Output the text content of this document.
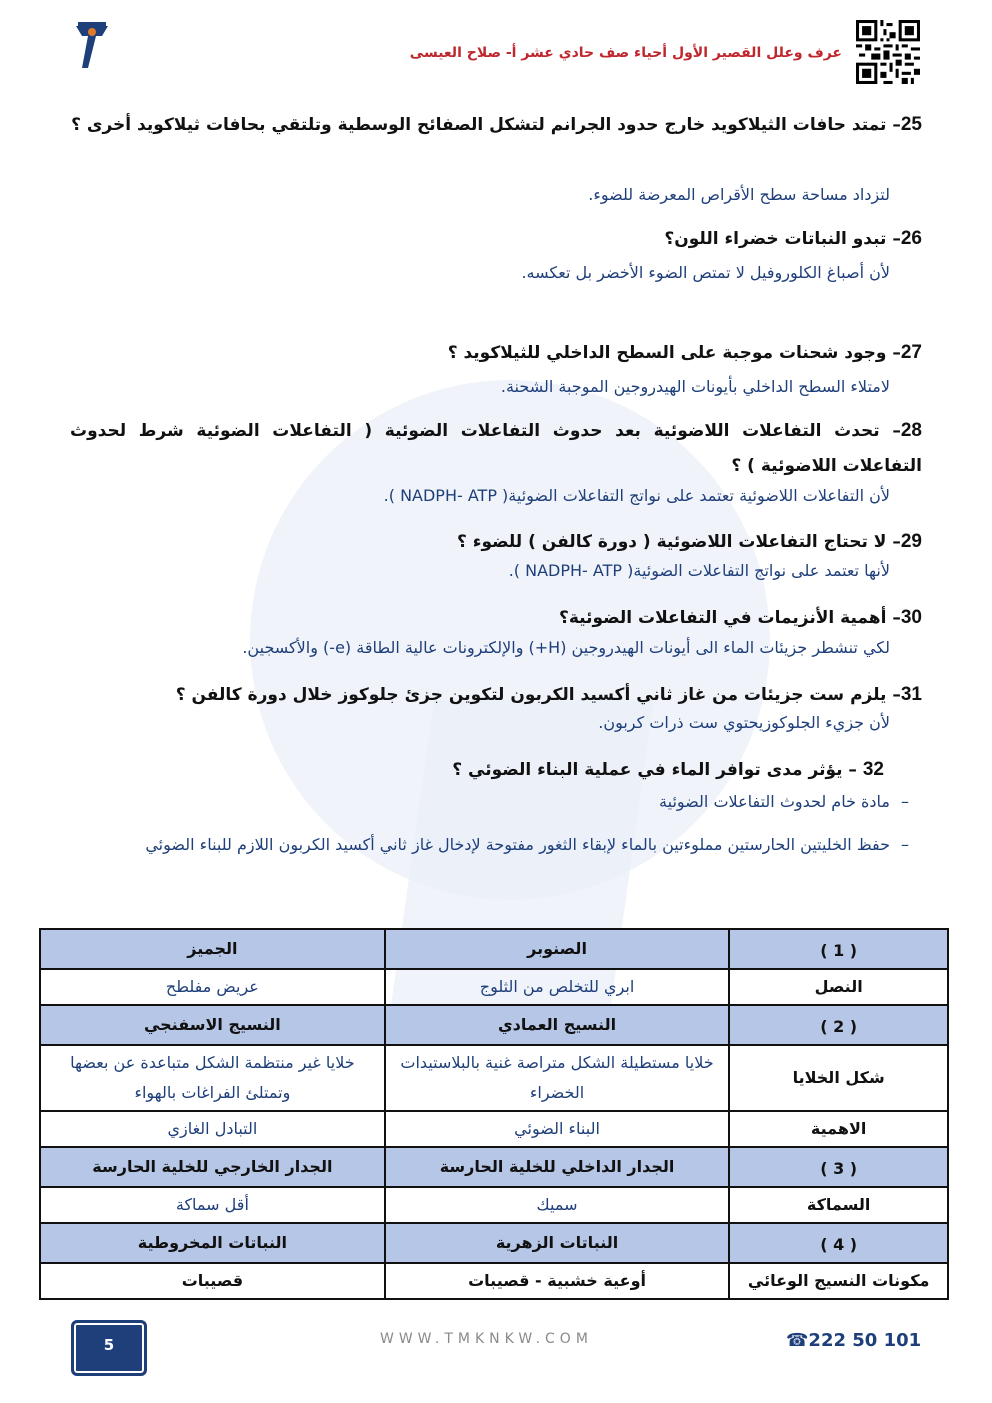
عرف وعلل القصير الأول أحياء صف حادي عشر أ- صلاح العيسى
25– تمتد حافات الثيلاكويد خارج حدود الجرانم لتشكل الصفائح الوسطية وتلتقي بحافات ثيلاكويد أخرى ؟
لتزداد مساحة سطح الأقراص المعرضة للضوء.
26– تبدو النباتات خضراء اللون؟
لأن أصباغ الكلوروفيل لا تمتص الضوء الأخضر بل تعكسه.
27– وجود شحنات موجبة على السطح الداخلي للثيلاكويد ؟
لامتلاء السطح الداخلي بأيونات الهيدروجين الموجبة الشحنة.
28– تحدث التفاعلات اللاضوئية بعد حدوث التفاعلات الضوئية ( التفاعلات الضوئية شرط لحدوث التفاعلات اللاضوئية ) ؟
لأن التفاعلات اللاضوئية تعتمد على نواتج التفاعلات الضوئية( NADPH- ATP ).
29– لا تحتاج التفاعلات اللاضوئية ( دورة كالفن ) للضوء ؟
لأنها تعتمد على نواتج التفاعلات الضوئية( NADPH- ATP ).
30– أهمية الأنزيمات في التفاعلات الضوئية؟
لكي تنشطر جزيئات الماء الى أيونات الهيدروجين (H+) والإلكترونات عالية الطاقة (e-) والأكسجين.
31– يلزم ست جزيئات من غاز ثاني أكسيد الكربون لتكوين جزئ جلوكوز خلال دورة كالفن ؟
لأن جزيء الجلوكوزيحتوي ست ذرات كربون.
32 – يؤثر مدى توافر الماء في عملية البناء الضوئي ؟
–مادة خام لحدوث التفاعلات الضوئية
–حفظ الخليتين الحارستين مملوءتين بالماء لإبقاء الثغور مفتوحة لإدخال غاز ثاني أكسيد الكربون اللازم للبناء الضوئي
( 1 )	الصنوبر	الجميز
النصل	ابري للتخلص من الثلوج	عريض مفلطح
( 2 )	النسيج العمادي	النسيج الاسفنجي
شكل الخلايا	خلايا مستطيلة الشكل متراصة غنية بالبلاستيدات الخضراء	خلايا غير منتظمة الشكل متباعدة عن بعضها وتمتلئ الفراغات بالهواء
الاهمية	البناء الضوئي	التبادل الغازي
( 3 )	الجدار الداخلي للخلية الحارسة	الجدار الخارجي للخلية الحارسة
السماكة	سميك	أقل سماكة
( 4 )	النباتات الزهرية	النباتات المخروطية
مكونات النسيج الوعائي	أوعية خشبية - قصيبات	قصيبات
5	WWW.TMKNKW.COM	☎222 50 101
